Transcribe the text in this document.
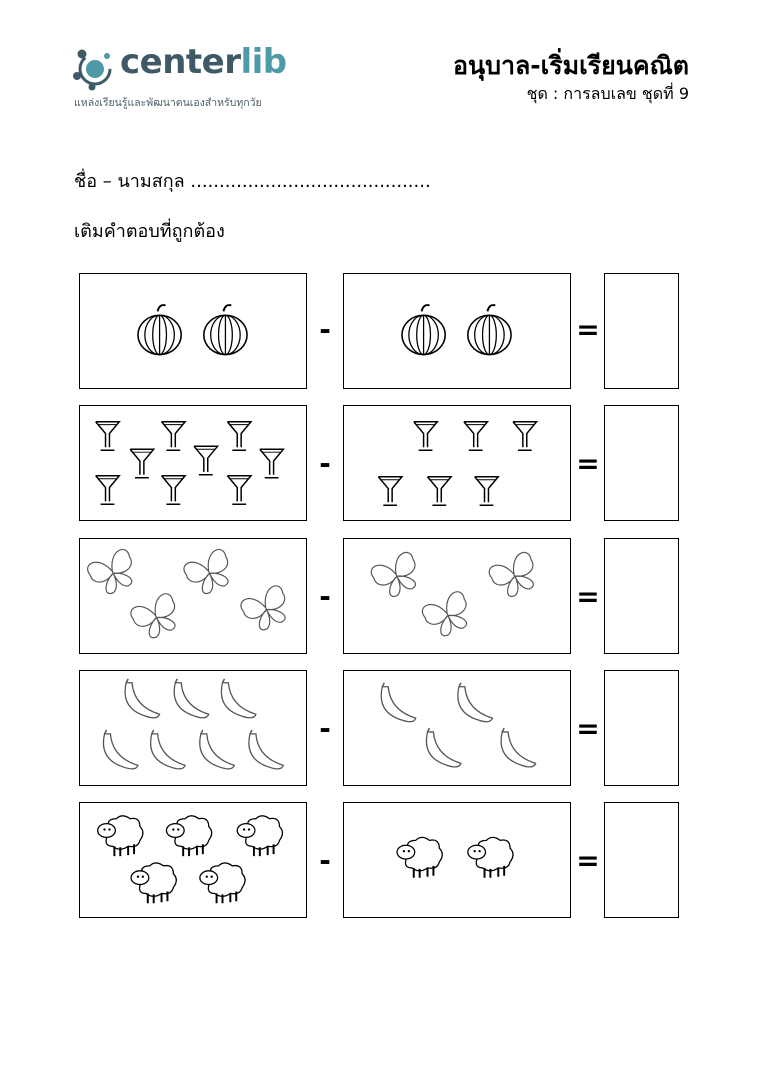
centerlib
แหล่งเรียนรู้และพัฒนาตนเองสำหรับทุกวัย
อนุบาล-เริ่มเรียนคณิต
ชุด : การลบเลข ชุดที่ 9
ชื่อ – นามสกุล ..........................................
เติมคำตอบที่ถูกต้อง
-	=
-	=
-	=
-	=
-	=
